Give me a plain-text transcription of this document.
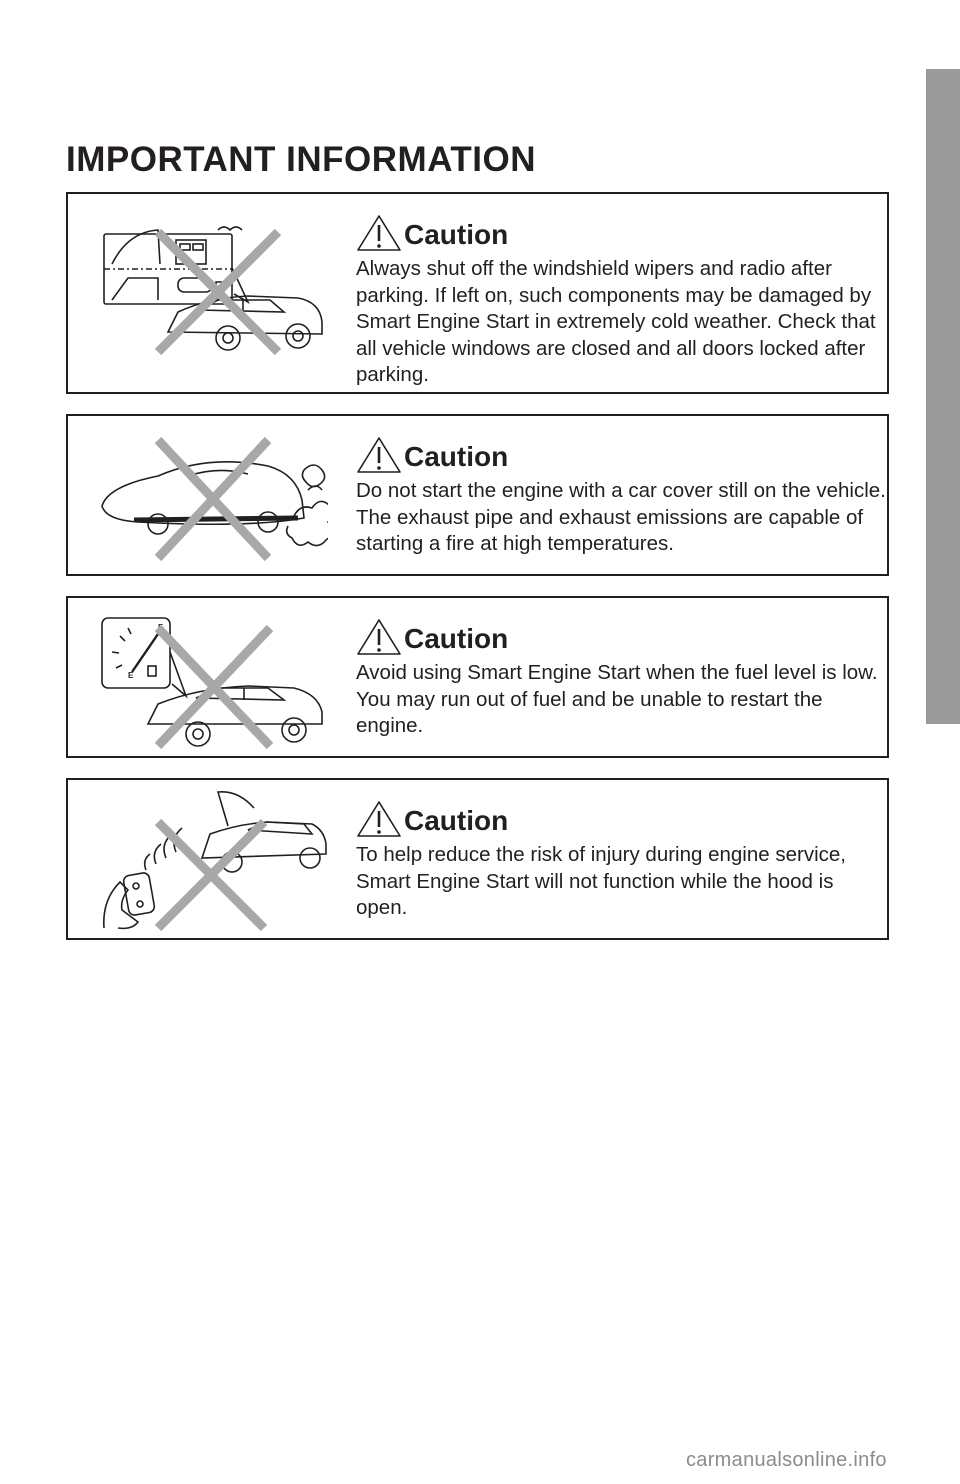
IMPORTANT INFORMATION
Caution

Always shut off the windshield wipers and radio after parking. If left on, such components may be damaged by Smart Engine Start in extremely cold weather. Check that all vehicle windows are closed and all doors locked after parking.

Caution

Do not start the engine with a car cover still on the vehicle. The exhaust pipe and exhaust emissions are capable of starting a fire at high temperatures.

E
Caution

Avoid using Smart Engine Start when the fuel level is low. You may run out of fuel and be unable to restart the engine.

Caution

To help reduce the risk of injury during engine service, Smart Engine Start will not function while the hood is open.

carmanualsonline.info
